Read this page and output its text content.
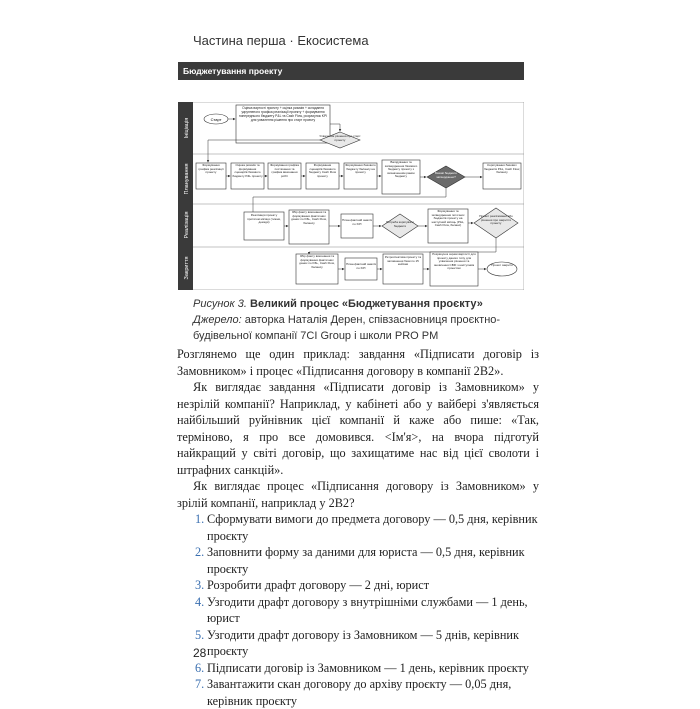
Частина перша · Екосистема
Бюджетування проекту
Ініціація
Планування
Реалізація
Закриття
Старт
Оцінка вартості проекту + оцінка ризиків + складання укрупненого графіка реалізації проекту + формування попереднього бюджету P&L та Cash Flow, розрахунок KPI для ухвалення рішення про старт проекту
Ухвалення рішення про старт проекту
Формування графіка реалізації проекту
Оцінка ризиків та формування сценаріїв базового бюджету P&L проекту
Формування графіка постачання та графіка виконання робіт
Формування сценаріїв базового бюджету Cash Flow проекту
Формування базового бюджету балансу на проекту
Валідування та затвердження базового бюджету проекту з визначенням рамок бюджету
Базові бюджети затверджено?
Коригування базових бюджетів P&L, Cash Flow, балансу
Реалізація проекту протягом місяця (тижня, декади)
Збір факту виконання та формування фактичних даних по P&L, Cash Flow, балансу
План-фактний аналіз по KPI	Потреба коригувати бюджети
Формування та затвердження поточних бюджетів проекту на наступний місяць (P&L, Cash Flow, баланс)
Проект реалізовано або рішення про закриття проекту
Збір факту виконання та формування фактичних даних по P&L, Cash Flow, балансу
План-фактний аналіз по KPI
Ретроспектива проекту та заповнення бази по 15 кейсам
Розрахунок оцінки вартості для проекту даного типу для ухвалення рішення та оновлення CBFI з наступним проектом
Проект закрито
Рисунок 3. Великий процес «Бюджетування проєкту»
Джерело: авторка Наталія Дерен, співзасновниця проєктно-будівельної компанії 7CI Group і школи PRO PM

Розглянемо ще один приклад: завдання «Підписати договір із Замовником» і процес «Підписання договору в компанії 2B2».

Як виглядає завдання «Підписати договір із Замовником» у незрілій компанії? Наприклад, у кабінеті або у вайбері з'являється найбільший руйнівник цієї компанії й каже або пише: «Так, терміново, я про все домовився. <Ім'я>, на вчора підготуй найкращий у світі договір, що захищатиме нас від цієї сволоти і штрафних санкцій».

Як виглядає процес «Підписання договору із Замовником» у зрілій компанії, наприклад у 2B2?

1. Сформувати вимоги до предмета договору — 0,5 дня, керівник проєкту
2. Заповнити форму за даними для юриста — 0,5 дня, керівник проєкту
3. Розробити драфт договору — 2 дні, юрист
4. Узгодити драфт договору з внутрішніми службами — 1 день, юрист
5. Узгодити драфт договору із Замовником — 5 днів, керівник проєкту
6. Підписати договір із Замовником — 1 день, керівник проєкту
7. Завантажити скан договору до архіву проєкту — 0,05 дня, керівник проєкту
28
